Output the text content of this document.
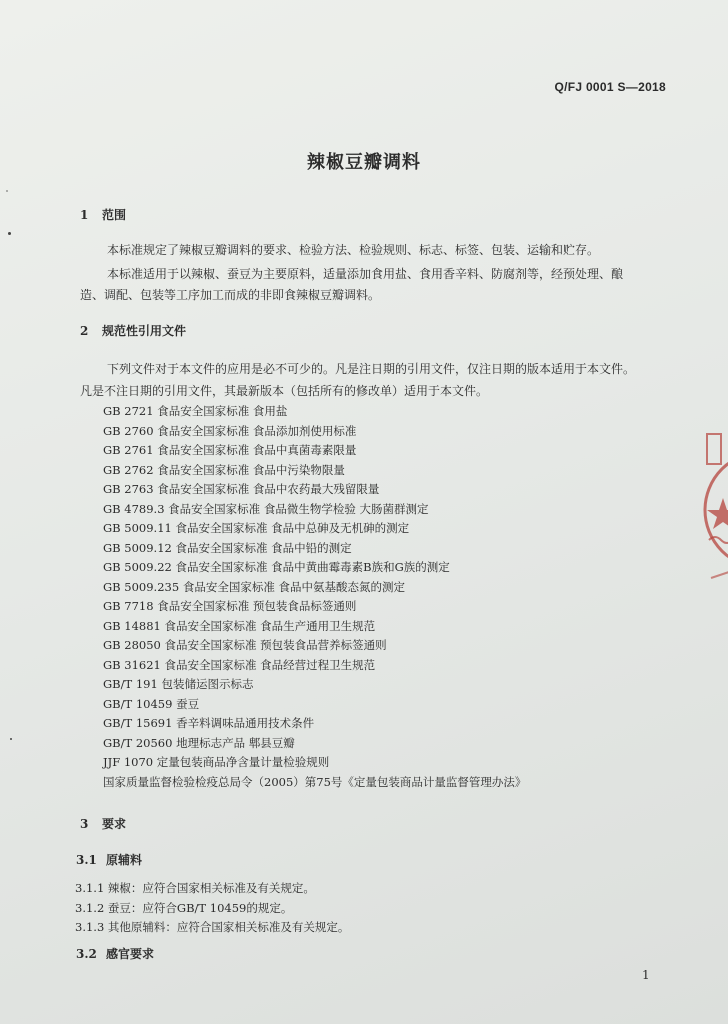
Q/FJ 0001 S—2018
辣椒豆瓣调料
1 范围
本标准规定了辣椒豆瓣调料的要求、检验方法、检验规则、标志、标签、包装、运输和贮存。
本标准适用于以辣椒、蚕豆为主要原料，适量添加食用盐、食用香辛料、防腐剂等，经预处理、酿
造、调配、包装等工序加工而成的非即食辣椒豆瓣调料。
2 规范性引用文件
下列文件对于本文件的应用是必不可少的。凡是注日期的引用文件，仅注日期的版本适用于本文件。
凡是不注日期的引用文件，其最新版本（包括所有的修改单）适用于本文件。
GB 2721 食品安全国家标准 食用盐
GB 2760 食品安全国家标准 食品添加剂使用标准
GB 2761 食品安全国家标准 食品中真菌毒素限量
GB 2762 食品安全国家标准 食品中污染物限量
GB 2763 食品安全国家标准 食品中农药最大残留限量
GB 4789.3 食品安全国家标准 食品微生物学检验 大肠菌群测定
GB 5009.11 食品安全国家标准 食品中总砷及无机砷的测定
GB 5009.12 食品安全国家标准 食品中铅的测定
GB 5009.22 食品安全国家标准 食品中黄曲霉毒素B族和G族的测定
GB 5009.235 食品安全国家标准 食品中氨基酸态氮的测定
GB 7718 食品安全国家标准 预包装食品标签通则
GB 14881 食品安全国家标准 食品生产通用卫生规范
GB 28050 食品安全国家标准 预包装食品营养标签通则
GB 31621 食品安全国家标准 食品经营过程卫生规范
GB/T 191 包装储运图示标志
GB/T 10459 蚕豆
GB/T 15691 香辛料调味品通用技术条件
GB/T 20560 地理标志产品 郫县豆瓣
JJF 1070 定量包装商品净含量计量检验规则
国家质量监督检验检疫总局令（2005）第75号《定量包装商品计量监督管理办法》
3 要求
3.1 原辅料
3.1.1 辣椒：应符合国家相关标准及有关规定。
3.1.2 蚕豆：应符合GB/T 10459的规定。
3.1.3 其他原辅料：应符合国家相关标准及有关规定。
3.2 感官要求
1
